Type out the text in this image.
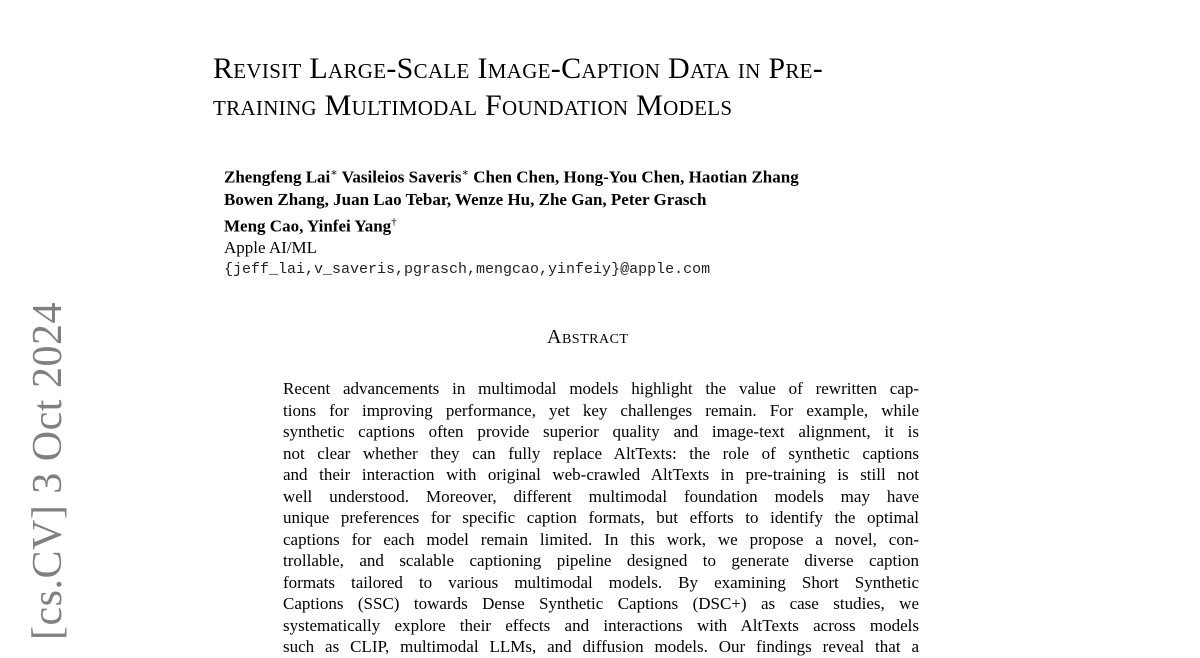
Revisit Large-Scale Image-Caption Data in Pre-
training Multimodal Foundation Models
Zhengfeng Lai∗ Vasileios Saveris∗ Chen Chen, Hong-You Chen, Haotian Zhang
Bowen Zhang, Juan Lao Tebar, Wenze Hu, Zhe Gan, Peter Grasch
Meng Cao, Yinfei Yang†
Apple AI/ML
{jeff_lai,v_saveris,pgrasch,mengcao,yinfeiy}@apple.com
Abstract
Recent advancements in multimodal models highlight the value of rewritten cap-
tions for improving performance, yet key challenges remain. For example, while
synthetic captions often provide superior quality and image-text alignment, it is
not clear whether they can fully replace AltTexts: the role of synthetic captions
and their interaction with original web-crawled AltTexts in pre-training is still not
well understood. Moreover, different multimodal foundation models may have
unique preferences for specific caption formats, but efforts to identify the optimal
captions for each model remain limited. In this work, we propose a novel, con-
trollable, and scalable captioning pipeline designed to generate diverse caption
formats tailored to various multimodal models. By examining Short Synthetic
Captions (SSC) towards Dense Synthetic Captions (DSC+) as case studies, we
systematically explore their effects and interactions with AltTexts across models
such as CLIP, multimodal LLMs, and diffusion models. Our findings reveal that a
[cs.CV] 3 Oct 2024
